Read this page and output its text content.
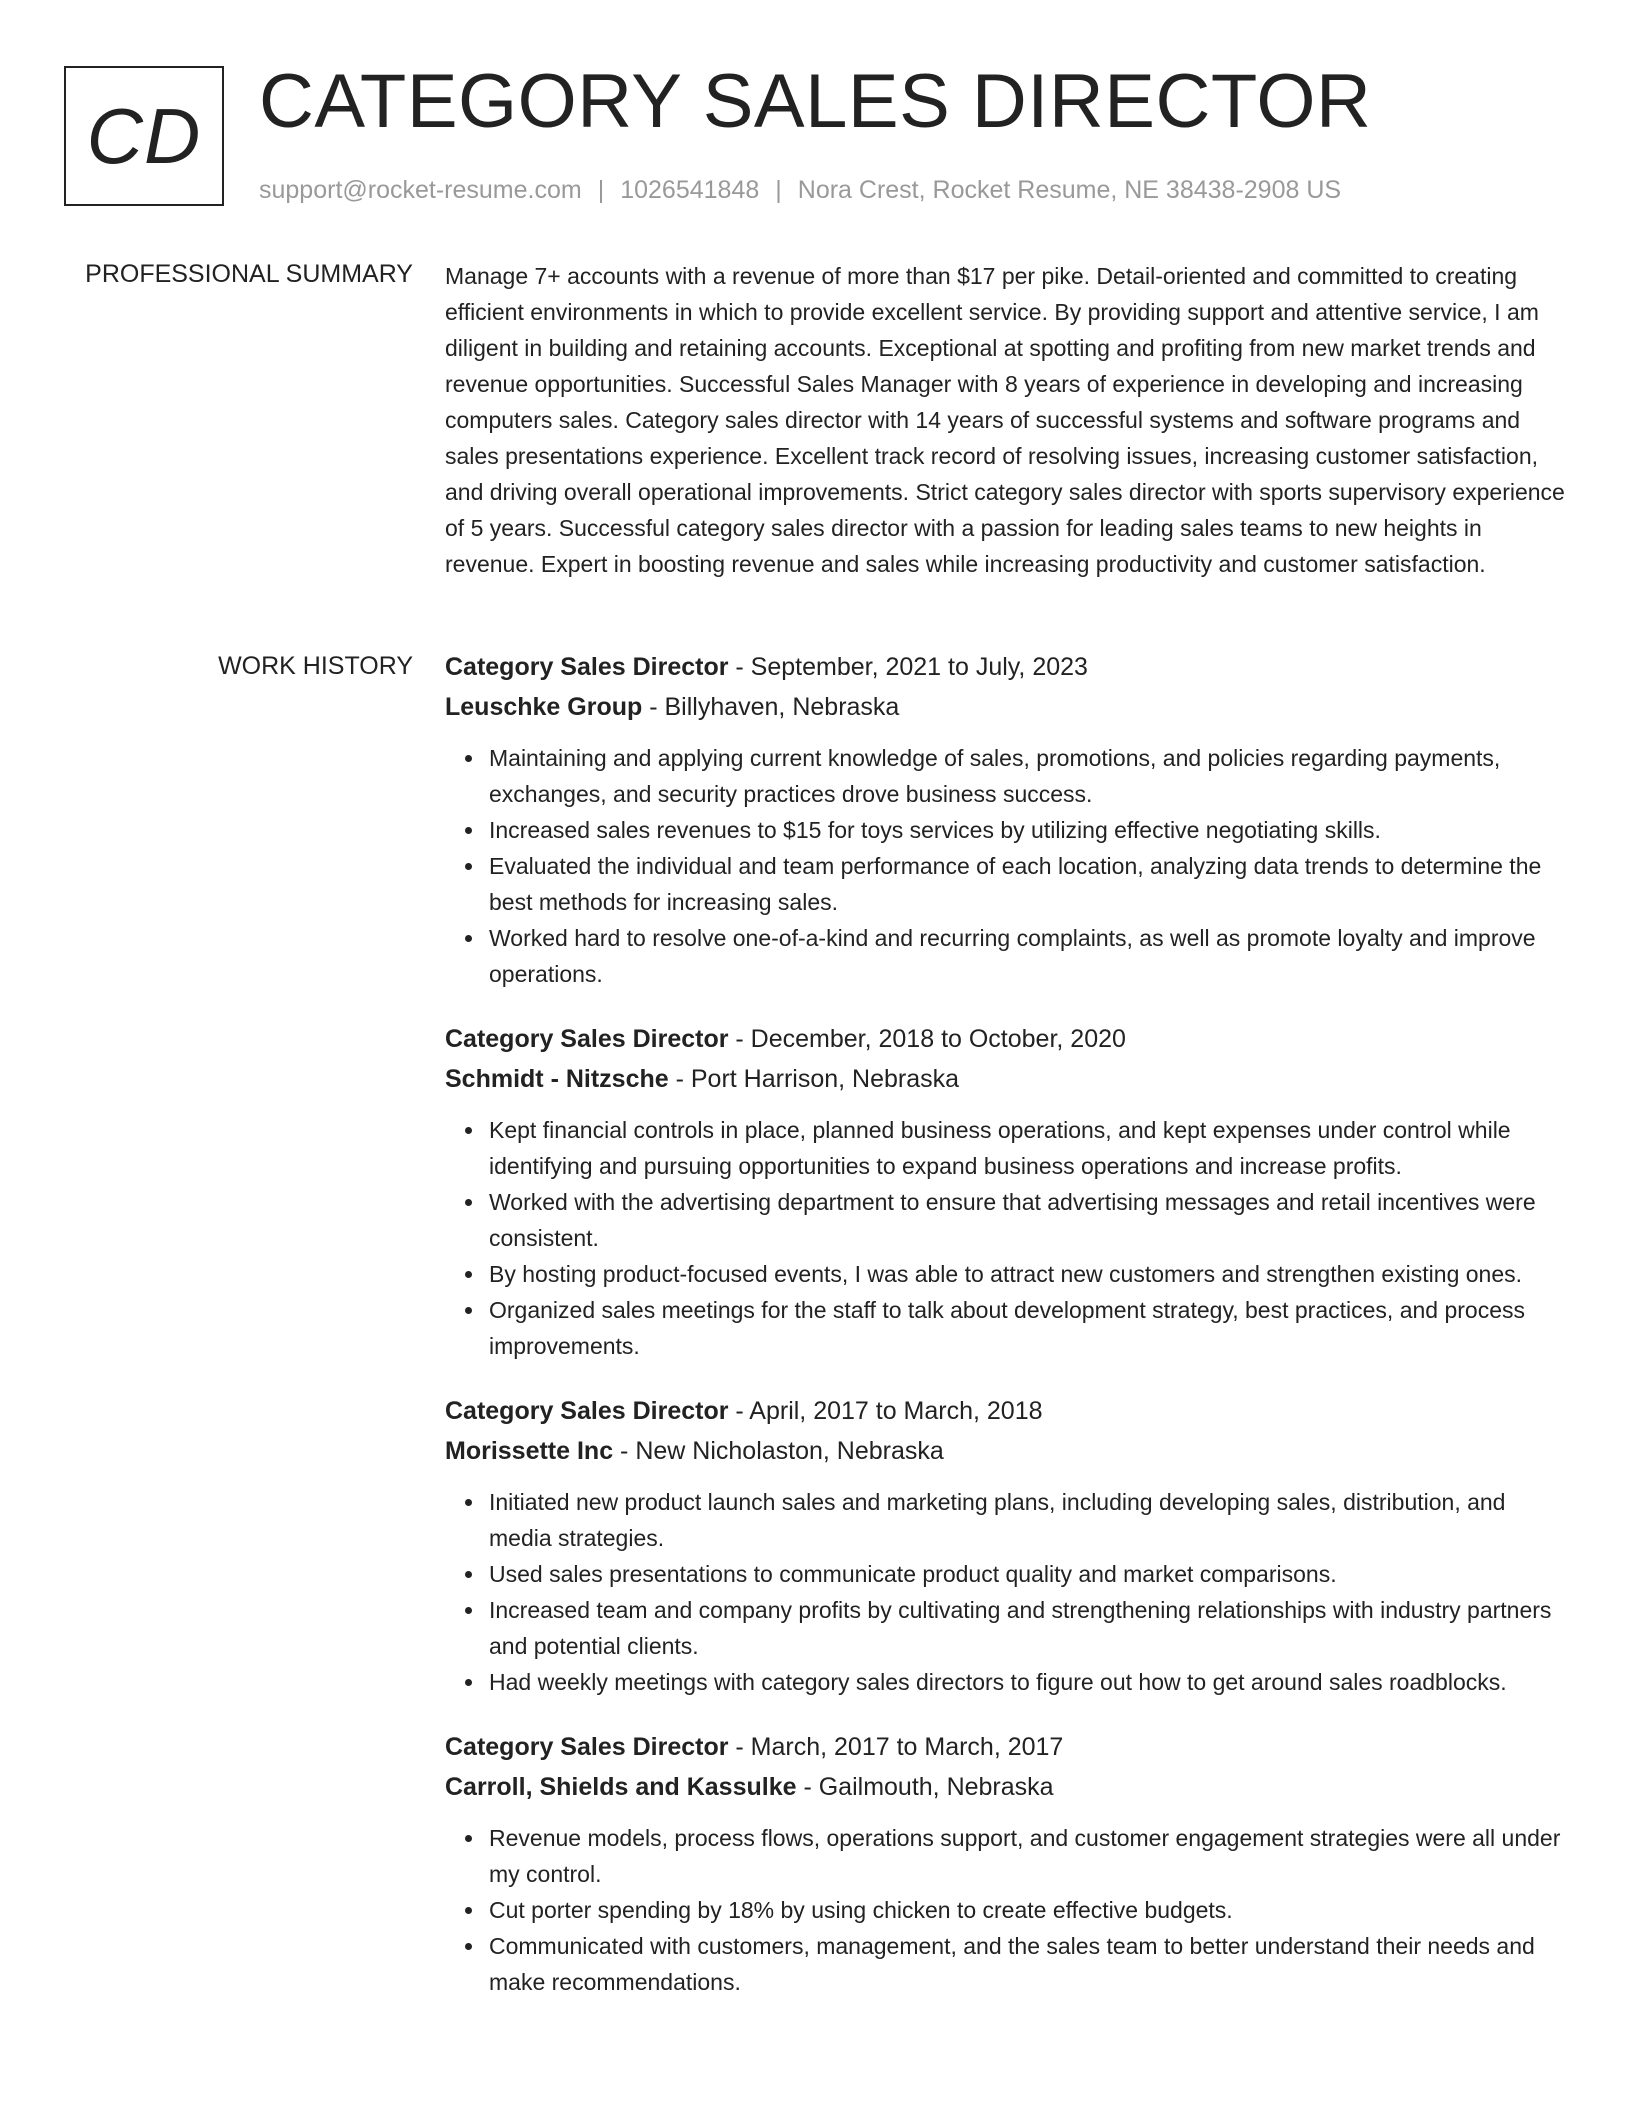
CD CATEGORY SALES DIRECTOR
support@rocket-resume.com | 1026541848 | Nora Crest, Rocket Resume, NE 38438-2908 US
PROFESSIONAL SUMMARY Manage 7+ accounts with a revenue of more than $17 per pike. Detail-oriented and committed to creating efficient environments in which to provide excellent service. By providing support and attentive service, I am diligent in building and retaining accounts. Exceptional at spotting and profiting from new market trends and revenue opportunities. Successful Sales Manager with 8 years of experience in developing and increasing computers sales. Category sales director with 14 years of successful systems and software programs and sales presentations experience. Excellent track record of resolving issues, increasing customer satisfaction, and driving overall operational improvements. Strict category sales director with sports supervisory experience of 5 years. Successful category sales director with a passion for leading sales teams to new heights in revenue. Expert in boosting revenue and sales while increasing productivity and customer satisfaction.

WORK HISTORY Category Sales Director - September, 2021 to July, 2023
Leuschke Group - Billyhaven, Nebraska
Maintaining and applying current knowledge of sales, promotions, and policies regarding payments, exchanges, and security practices drove business success.
Increased sales revenues to $15 for toys services by utilizing effective negotiating skills.
Evaluated the individual and team performance of each location, analyzing data trends to determine the best methods for increasing sales.
Worked hard to resolve one-of-a-kind and recurring complaints, as well as promote loyalty and improve operations.
Category Sales Director - December, 2018 to October, 2020
Schmidt - Nitzsche - Port Harrison, Nebraska
Kept financial controls in place, planned business operations, and kept expenses under control while identifying and pursuing opportunities to expand business operations and increase profits.
Worked with the advertising department to ensure that advertising messages and retail incentives were consistent.
By hosting product-focused events, I was able to attract new customers and strengthen existing ones.
Organized sales meetings for the staff to talk about development strategy, best practices, and process improvements.
Category Sales Director - April, 2017 to March, 2018
Morissette Inc - New Nicholaston, Nebraska
Initiated new product launch sales and marketing plans, including developing sales, distribution, and media strategies.
Used sales presentations to communicate product quality and market comparisons.
Increased team and company profits by cultivating and strengthening relationships with industry partners and potential clients.
Had weekly meetings with category sales directors to figure out how to get around sales roadblocks.
Category Sales Director - March, 2017 to March, 2017
Carroll, Shields and Kassulke - Gailmouth, Nebraska
Revenue models, process flows, operations support, and customer engagement strategies were all under my control.
Cut porter spending by 18% by using chicken to create effective budgets.
Communicated with customers, management, and the sales team to better understand their needs and make recommendations.
